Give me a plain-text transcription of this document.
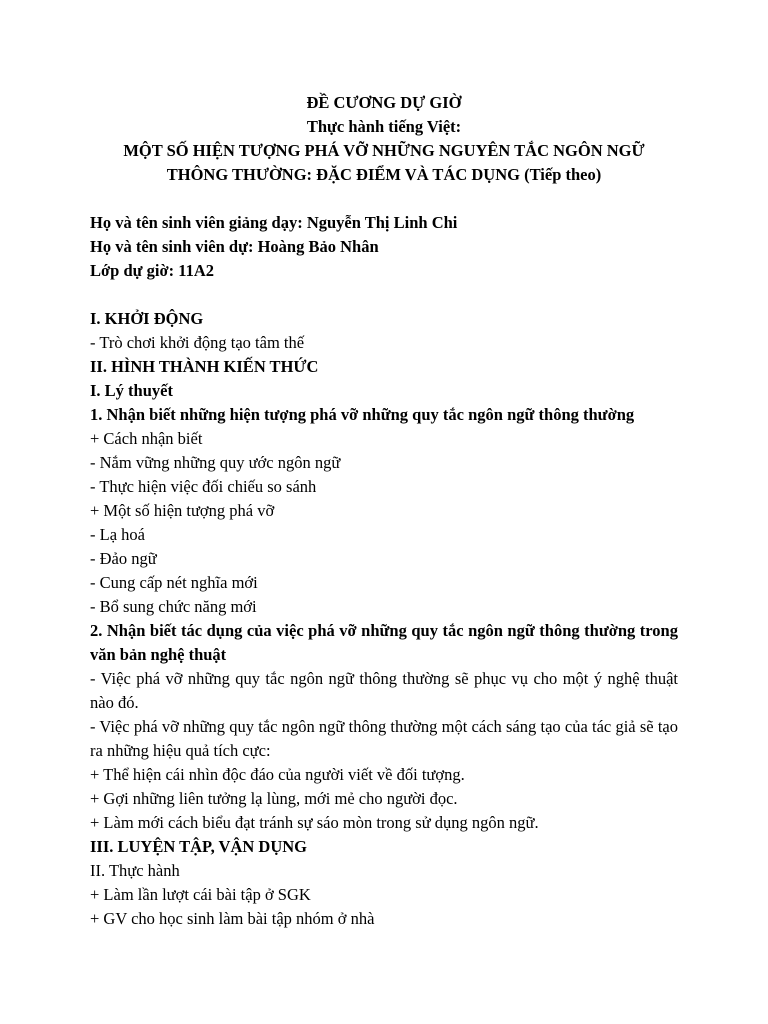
ĐỀ CƯƠNG DỰ GIỜ
Thực hành tiếng Việt:
MỘT SỐ HIỆN TƯỢNG PHÁ VỠ NHỮNG NGUYÊN TẮC NGÔN NGỮ
THÔNG THƯỜNG: ĐẶC ĐIỂM VÀ TÁC DỤNG (Tiếp theo)
Họ và tên sinh viên giảng dạy: Nguyễn Thị Linh Chi
Họ và tên sinh viên dự: Hoàng Bảo Nhân
Lớp dự giờ: 11A2
I. KHỞI ĐỘNG
- Trò chơi khởi động tạo tâm thế
II. HÌNH THÀNH KIẾN THỨC
I. Lý thuyết
1. Nhận biết những hiện tượng phá vỡ những quy tắc ngôn ngữ thông thường
+ Cách nhận biết
- Nắm vững những quy ước ngôn ngữ
- Thực hiện việc đối chiếu so sánh
+ Một số hiện tượng phá vỡ
- Lạ hoá
- Đảo ngữ
- Cung cấp nét nghĩa mới
- Bổ sung chức năng mới
2. Nhận biết tác dụng của việc phá vỡ những quy tắc ngôn ngữ thông thường trong văn bản nghệ thuật
- Việc phá vỡ những quy tắc ngôn ngữ thông thường sẽ phục vụ cho một ý nghệ thuật nào đó.
- Việc phá vỡ những quy tắc ngôn ngữ thông thường một cách sáng tạo của tác giả sẽ tạo ra những hiệu quả tích cực:
+ Thể hiện cái nhìn độc đáo của người viết về đối tượng.
+ Gợi những liên tưởng lạ lùng, mới mẻ cho người đọc.
+ Làm mới cách biểu đạt tránh sự sáo mòn trong sử dụng ngôn ngữ.
III. LUYỆN TẬP, VẬN DỤNG
II. Thực hành
+ Làm lần lượt cái bài tập ở SGK
+ GV cho học sinh làm bài tập nhóm ở nhà
